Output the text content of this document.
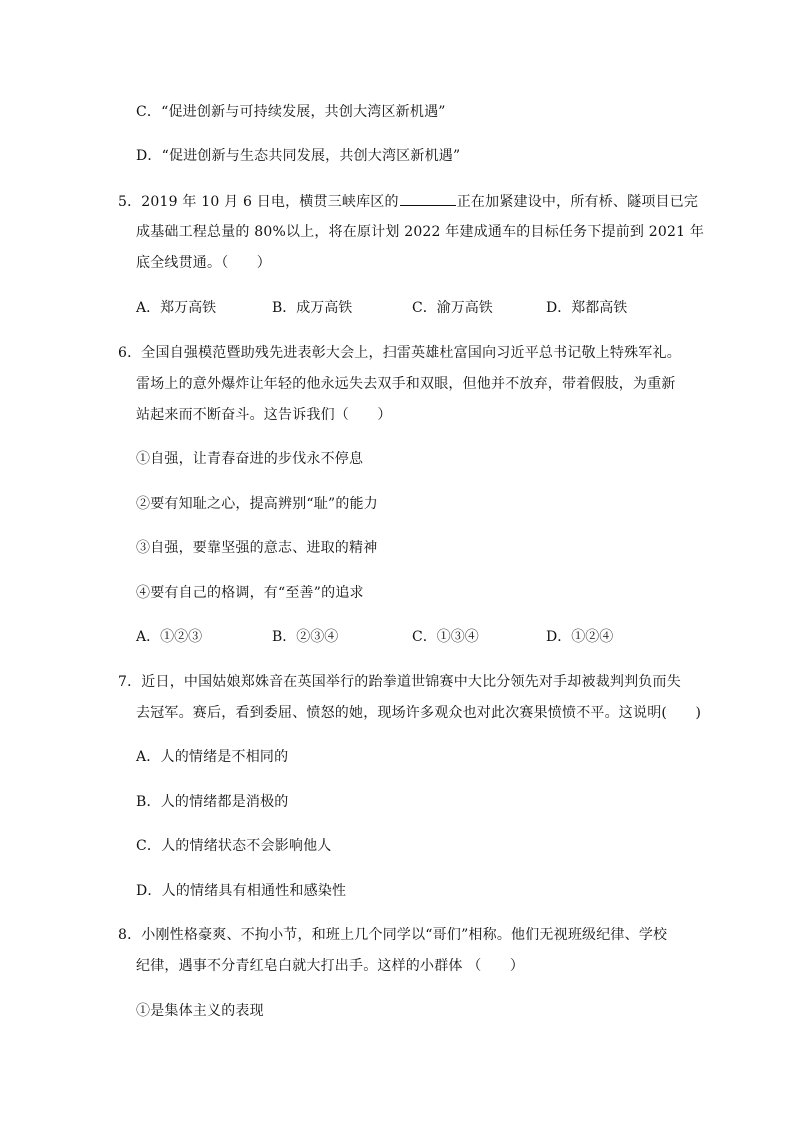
C．“促进创新与可持续发展，共创大湾区新机遇”
D．“促进创新与生态共同发展，共创大湾区新机遇”
5．2019 年 10 月 6 日电，横贯三峡库区的	正在加紧建设中，所有桥、隧项目已完
成基础工程总量的 80%以上，将在原计划 2022 年建成通车的目标任务下提前到 2021 年
底全线贯通。（　　）
A．郑万高铁	B．成万高铁	C．渝万高铁	D．郑都高铁
6．全国自强模范暨助残先进表彰大会上，扫雷英雄杜富国向习近平总书记敬上特殊军礼。
雷场上的意外爆炸让年轻的他永远失去双手和双眼，但他并不放弃，带着假肢，为重新
站起来而不断奋斗。这告诉我们（　　）
①自强，让青春奋进的步伐永不停息
②要有知耻之心，提高辨别“耻”的能力
③自强，要靠坚强的意志、进取的精神
④要有自己的格调，有“至善”的追求
A．①②③	B．②③④	C．①③④	D．①②④
7．近日，中国姑娘郑姝音在英国举行的跆拳道世锦赛中大比分领先对手却被裁判判负而失
去冠军。赛后，看到委屈、愤怒的她，现场许多观众也对此次赛果愤愤不平。这说明(　　)
A．人的情绪是不相同的
B．人的情绪都是消极的
C．人的情绪状态不会影响他人
D．人的情绪具有相通性和感染性
8．小刚性格豪爽、不拘小节，和班上几个同学以“哥们”相称。他们无视班级纪律、学校
纪律，遇事不分青红皂白就大打出手。这样的小群体 （　　）
①是集体主义的表现
